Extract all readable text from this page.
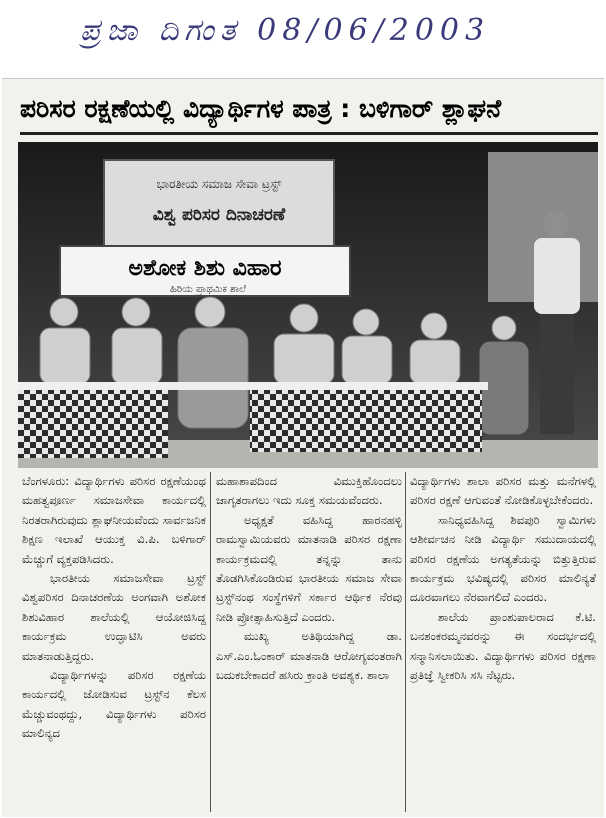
ಪ್ರಜಾ ದಿಗಂತ 08/06/2003
ಪರಿಸರ ರಕ್ಷಣೆಯಲ್ಲಿ ವಿದ್ಯಾರ್ಥಿಗಳ ಪಾತ್ರ : ಬಳಿಗಾರ್ ಶ್ಲಾಘನೆ
ಭಾರತೀಯ ಸಮಾಜ ಸೇವಾ ಟ್ರಸ್ಟ್
ವಿಶ್ವ ಪರಿಸರ ದಿನಾಚರಣೆ
ಅಶೋಕ ಶಿಶು ವಿಹಾರ
ಹಿರಿಯ ಪ್ರಾಥಮಿಕ ಶಾಲೆ

ಬೆಂಗಳೂರು: ವಿದ್ಯಾರ್ಥಿಗಳು ಪರಿಸರ ರಕ್ಷಣೆಯಂಥ ಮಹತ್ವಪೂರ್ಣ ಸಮಾಜಸೇವಾ ಕಾರ್ಯದಲ್ಲಿ ನಿರತರಾಗಿರುವುದು ಶ್ಲಾಘನೀಯವೆಂದು ಸಾರ್ವಜನಿಕ ಶಿಕ್ಷಣ ಇಲಾಖೆ ಆಯುಕ್ತ ವಿ.ಪಿ. ಬಳಿಗಾರ್ ಮೆಚ್ಚುಗೆ ವ್ಯಕ್ತಪಡಿಸಿದರು.

ಭಾರತೀಯ ಸಮಾಜಸೇವಾ ಟ್ರಸ್ಟ್ ವಿಶ್ವಪರಿಸರ ದಿನಾಚರಣೆಯ ಅಂಗವಾಗಿ ಅಶೋಕ ಶಿಶುವಿಹಾರ ಶಾಲೆಯಲ್ಲಿ ಆಯೋಜಿಸಿದ್ದ ಕಾರ್ಯಕ್ರಮ ಉದ್ಘಾಟಿಸಿ ಅವರು ಮಾತನಾಡುತ್ತಿದ್ದರು.

ವಿದ್ಯಾರ್ಥಿಗಳನ್ನು ಪರಿಸರ ರಕ್ಷಣೆಯ ಕಾರ್ಯದಲ್ಲಿ ಜೋಡಿಸುವ ಟ್ರಸ್ಟ್‌ನ ಕೆಲಸ ಮೆಚ್ಚುವಂಥದ್ದು, ವಿದ್ಯಾರ್ಥಿಗಳು ಪರಿಸರ ಮಾಲಿನ್ಯದ

ಮಹಾಶಾಪದಿಂದ ವಿಮುಕ್ತಿಹೊಂದಲು ಜಾಗೃತರಾಗಲು ಇದು ಸೂಕ್ತ ಸಮಯವೆಂದರು.

ಅಧ್ಯಕ್ಷತೆ ವಹಿಸಿದ್ದ ಹಾರನಹಳ್ಳಿ ರಾಮಸ್ವಾಮಿಯವರು ಮಾತನಾಡಿ ಪರಿಸರ ರಕ್ಷಣಾ ಕಾರ್ಯಕ್ರಮದಲ್ಲಿ ತನ್ನನ್ನು ತಾನು ತೊಡಗಿಸಿಕೊಂಡಿರುವ ಭಾರತೀಯ ಸಮಾಜ ಸೇವಾ ಟ್ರಸ್ಟ್‌ನಂಥ ಸಂಸ್ಥೆಗಳಿಗೆ ಸರ್ಕಾರ ಆರ್ಥಿಕ ನೆರವು ನೀಡಿ ಪ್ರೋತ್ಸಾಹಿಸುತ್ತಿದೆ ಎಂದರು.

ಮುಖ್ಯ ಅತಿಥಿಯಾಗಿದ್ದ ಡಾ. ಎಸ್.ಎಂ.ಓಂಕಾರ್ ಮಾತನಾಡಿ ಆರೋಗ್ಯವಂತರಾಗಿ ಬದುಕಬೇಕಾದರೆ ಹಸಿರು ಕ್ರಾಂತಿ ಅವಶ್ಯಕ. ಶಾಲಾ

ವಿದ್ಯಾರ್ಥಿಗಳು ಶಾಲಾ ಪರಿಸರ ಮತ್ತು ಮನೆಗಳಲ್ಲಿ ಪರಿಸರ ರಕ್ಷಣೆ ಆಗುವಂತೆ ನೋಡಿಕೊಳ್ಳಬೇಕೆಂದರು.

ಸಾನಿಧ್ಯವಹಿಸಿದ್ದ ಶಿವಪುರಿ ಸ್ವಾಮಿಗಳು ಆಶೀರ್ವಚನ ನೀಡಿ ವಿದ್ಯಾರ್ಥಿ ಸಮುದಾಯದಲ್ಲಿ ಪರಿಸರ ರಕ್ಷಣೆಯ ಅಗತ್ಯತೆಯನ್ನು ಬಿತ್ತುತ್ತಿರುವ ಕಾರ್ಯಕ್ರಮ ಭವಿಷ್ಯದಲ್ಲಿ ಪರಿಸರ ಮಾಲಿನ್ಯತೆ ದೂರವಾಗಲು ನೆರವಾಗಲಿದೆ ಎಂದರು.

ಶಾಲೆಯ ಪ್ರಾಂಶುಪಾಲರಾದ ಕೆ.ಟಿ. ಬನಶಂಕರಮ್ಮನವರನ್ನು ಈ ಸಂದರ್ಭದಲ್ಲಿ ಸನ್ಮಾನಿಸಲಾಯಿತು. ವಿದ್ಯಾರ್ಥಿಗಳು ಪರಿಸರ ರಕ್ಷಣಾ ಪ್ರತಿಜ್ಞೆ ಸ್ವೀಕರಿಸಿ ಸಸಿ ನೆಟ್ಟರು.
